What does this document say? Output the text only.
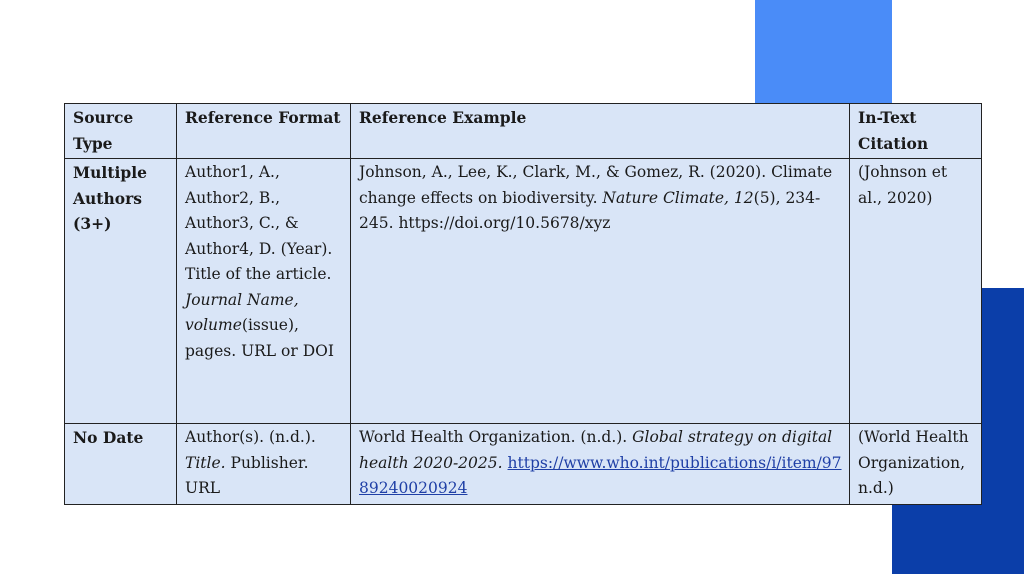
Source Type	Reference Format	Reference Example	In-Text Citation
Multiple Authors (3+)	Author1, A., Author2, B., Author3, C., & Author4, D. (Year). Title of the article. Journal Name, volume(issue), pages. URL or DOI	Johnson, A., Lee, K., Clark, M., & Gomez, R. (2020). Climate change effects on biodiversity. Nature Climate, 12(5), 234-245. https://doi.org/10.5678/xyz	(Johnson et al., 2020)
No Date	Author(s). (n.d.). Title. Publisher. URL	World Health Organization. (n.d.). Global strategy on digital health 2020-2025. https://www.who.int/publications/i/item/9789240020924	(World Health Organization, n.d.)
